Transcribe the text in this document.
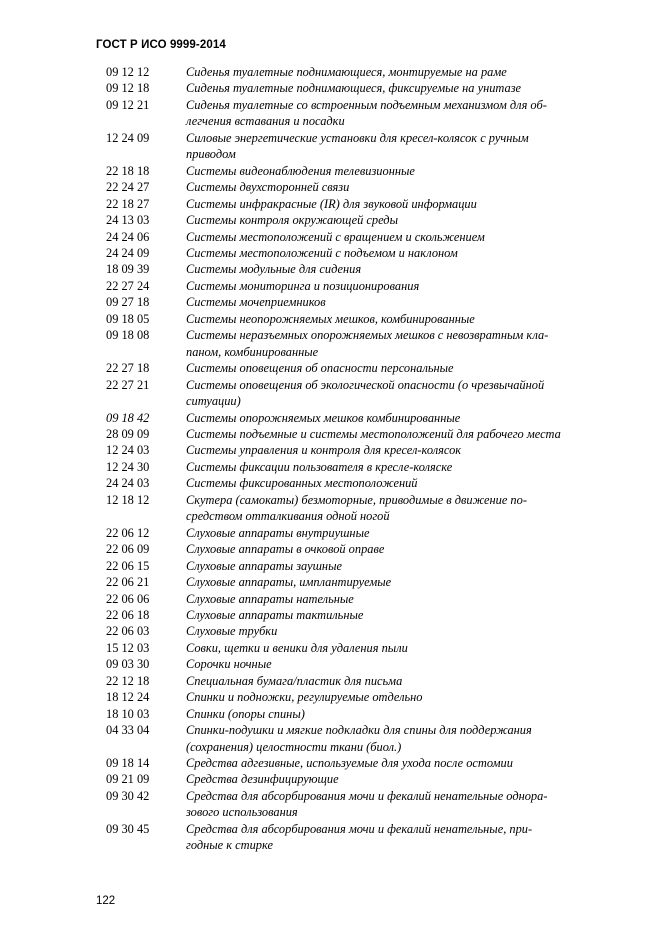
ГОСТ Р ИСО 9999-2014
09 12 12	Сиденья туалетные поднимающиеся, монтируемые на раме
09 12 18	Сиденья туалетные поднимающиеся, фиксируемые на унитазе
09 12 21	Сиденья туалетные со встроенным подъемным механизмом для об-
легчения вставания и посадки
12 24 09	Силовые энергетические установки для кресел-колясок с ручным
приводом
22 18 18	Системы видеонаблюдения телевизионные
22 24 27	Системы двухсторонней связи
22 18 27	Системы инфракрасные (IR) для звуковой информации
24 13 03	Системы контроля окружающей среды
24 24 06	Системы местоположений с вращением и скольжением
24 24 09	Системы местоположений с подъемом и наклоном
18 09 39	Системы модульные для сидения
22 27 24	Системы мониторинга и позиционирования
09 27 18	Системы мочеприемников
09 18 05	Системы неопорожняемых мешков, комбинированные
09 18 08	Системы неразъемных опорожняемых мешков с невозвратным кла-
паном, комбинированные
22 27 18	Системы оповещения об опасности персональные
22 27 21	Системы оповещения об экологической опасности (о чрезвычайной
ситуации)
09 18 42	Системы опорожняемых мешков комбинированные
28 09 09	Системы подъемные и системы местоположений для рабочего места
12 24 03	Системы управления и контроля для кресел-колясок
12 24 30	Системы фиксации пользователя в кресле-коляске
24 24 03	Системы фиксированных местоположений
12 18 12	Скутера (самокаты) безмоторные, приводимые в движение по-
средством отталкивания одной ногой
22 06 12	Слуховые аппараты внутриушные
22 06 09	Слуховые аппараты в очковой оправе
22 06 15	Слуховые аппараты заушные
22 06 21	Слуховые аппараты, имплантируемые
22 06 06	Слуховые аппараты нательные
22 06 18	Слуховые аппараты тактильные
22 06 03	Слуховые трубки
15 12 03	Совки, щетки и веники для удаления пыли
09 03 30	Сорочки ночные
22 12 18	Специальная бумага/пластик для письма
18 12 24	Спинки и подножки, регулируемые отдельно
18 10 03	Спинки (опоры спины)
04 33 04	Спинки-подушки и мягкие подкладки для спины для поддержания
(сохранения) целостности ткани (биол.)
09 18 14	Средства адгезивные, используемые для ухода после остомии
09 21 09	Средства дезинфицирующие
09 30 42	Средства для абсорбирования мочи и фекалий ненательные однора-
зового использования
09 30 45	Средства для абсорбирования мочи и фекалий ненательные, при-
годные к стирке
122
